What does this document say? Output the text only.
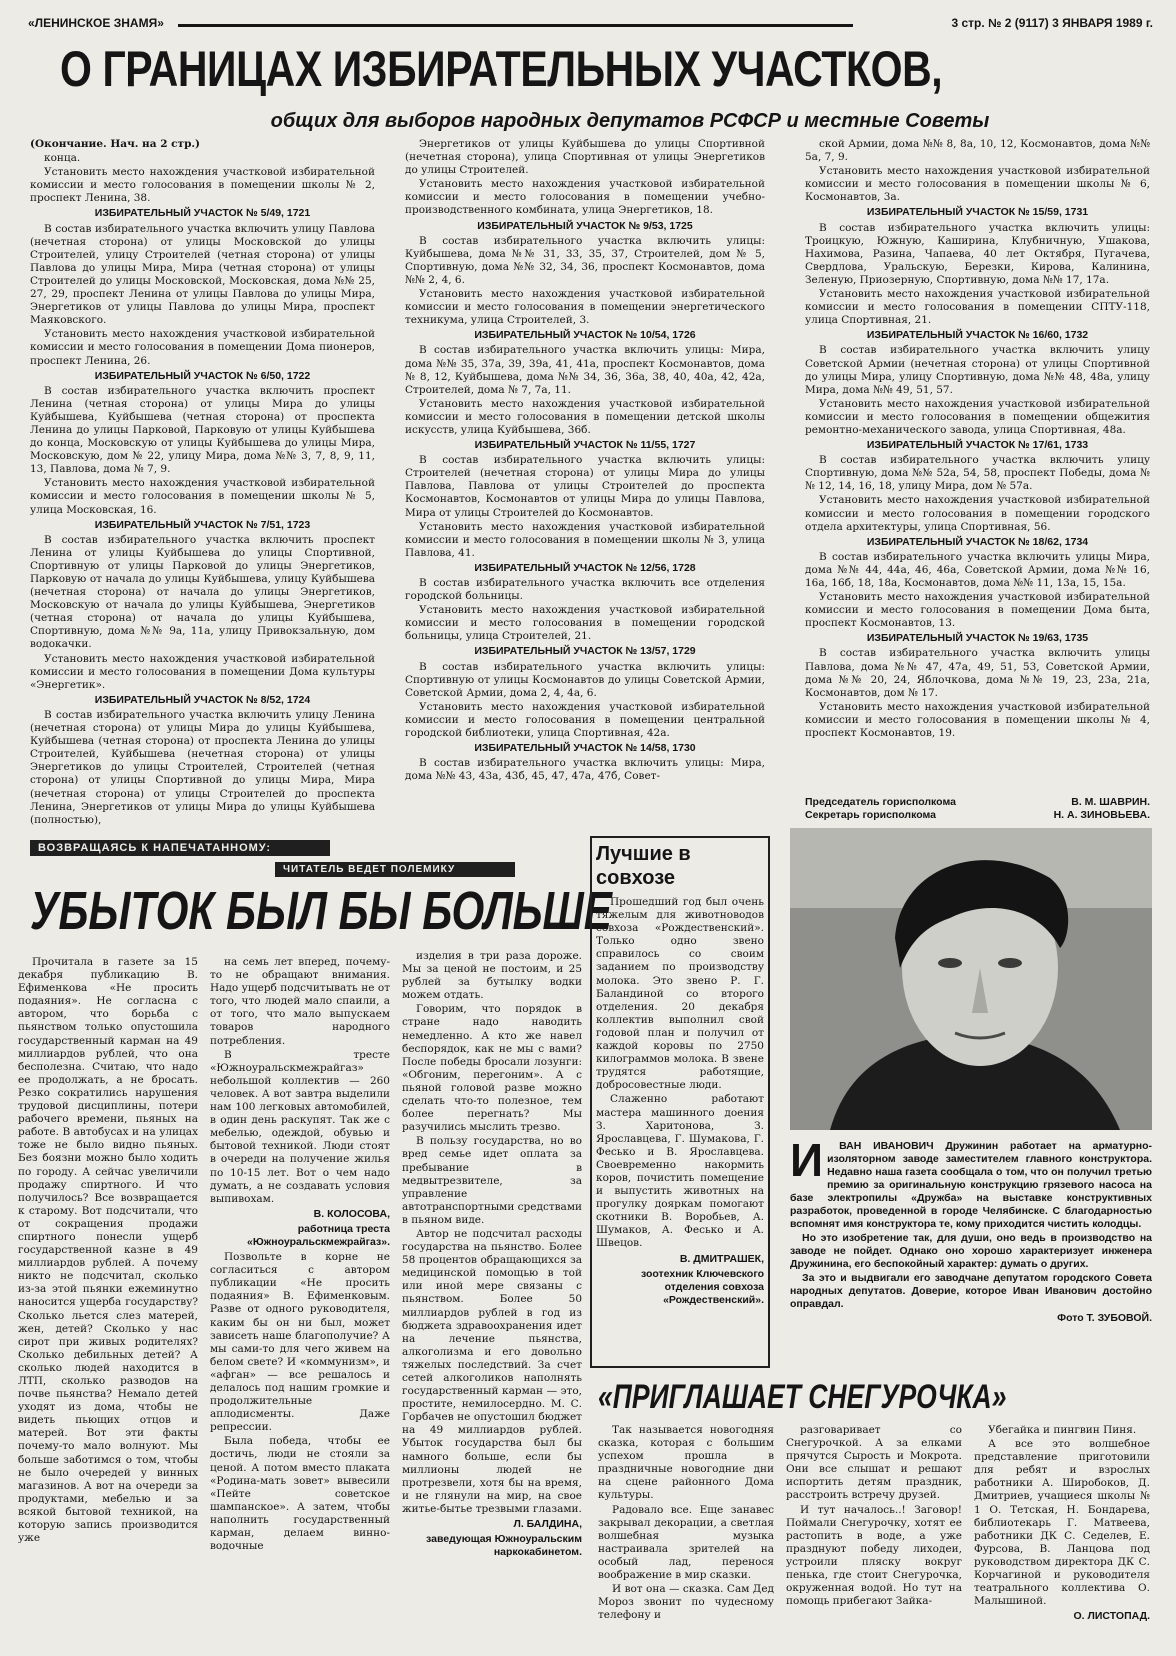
«ЛЕНИНСКОЕ ЗНАМЯ»	3 стр. № 2 (9117) 3 ЯНВАРЯ 1989 г.
О ГРАНИЦАХ ИЗБИРАТЕЛЬНЫХ УЧАСТКОВ,
общих для выборов народных депутатов РСФСР и местные Советы

(Окончание. Нач. на 2 стр.)

конца.

Установить место нахождения участковой избирательной комиссии и место голосования в помещении школы № 2, проспект Ленина, 38.

ИЗБИРАТЕЛЬНЫЙ УЧАСТОК № 5/49, 1721

В состав избирательного участка включить улицу Павлова (нечетная сторона) от улицы Московской до улицы Строителей, улицу Строителей (четная сторона) от улицы Павлова до улицы Мира, Мира (четная сторона) от улицы Строителей до улицы Московской, Московская, дома №№ 25, 27, 29, проспект Ленина от улицы Павлова до улицы Мира, Энергетиков от улицы Павлова до улицы Мира, проспект Маяковского.

Установить место нахождения участковой избирательной комиссии и место голосования в помещении Дома пионеров, проспект Ленина, 26.

ИЗБИРАТЕЛЬНЫЙ УЧАСТОК № 6/50, 1722

В состав избирательного участка включить проспект Ленина (четная сторона) от улицы Мира до улицы Куйбышева, Куйбышева (четная сторона) от проспекта Ленина до улицы Парковой, Парковую от улицы Куйбышева до конца, Московскую от улицы Куйбышева до улицы Мира, Московскую, дом № 22, улицу Мира, дома №№ 3, 7, 8, 9, 11, 13, Павлова, дома № 7, 9.

Установить место нахождения участковой избирательной комиссии и место голосования в помещении школы № 5, улица Московская, 16.

ИЗБИРАТЕЛЬНЫЙ УЧАСТОК № 7/51, 1723

В состав избирательного участка включить проспект Ленина от улицы Куйбышева до улицы Спортивной, Спортивную от улицы Парковой до улицы Энергетиков, Парковую от начала до улицы Куйбышева, улицу Куйбышева (нечетная сторона) от начала до улицы Энергетиков, Московскую от начала до улицы Куйбышева, Энергетиков (четная сторона) от начала до улицы Куйбышева, Спортивную, дома №№ 9а, 11а, улицу Привокзальную, дом водокачки.

Установить место нахождения участковой избирательной комиссии и место голосования в помещении Дома культуры «Энергетик».

ИЗБИРАТЕЛЬНЫЙ УЧАСТОК № 8/52, 1724

В состав избирательного участка включить улицу Ленина (нечетная сторона) от улицы Мира до улицы Куйбышева, Куйбышева (четная сторона) от проспекта Ленина до улицы Строителей, Куйбышева (нечетная сторона) от улицы Энергетиков до улицы Строителей, Строителей (четная сторона) от улицы Спортивной до улицы Мира, Мира (нечетная сторона) от улицы Строителей до проспекта Ленина, Энергетиков от улицы Мира до улицы Куйбышева (полностью),

Энергетиков от улицы Куйбышева до улицы Спортивной (нечетная сторона), улица Спортивная от улицы Энергетиков до улицы Строителей.

Установить место нахождения участковой избирательной комиссии и место голосования в помещении учебно-производственного комбината, улица Энергетиков, 18.

ИЗБИРАТЕЛЬНЫЙ УЧАСТОК № 9/53, 1725

В состав избирательного участка включить улицы: Куйбышева, дома №№ 31, 33, 35, 37, Строителей, дом № 5, Спортивную, дома №№ 32, 34, 36, проспект Космонавтов, дома №№ 2, 4, 6.

Установить место нахождения участковой избирательной комиссии и место голосования в помещении энергетического техникума, улица Строителей, 3.

ИЗБИРАТЕЛЬНЫЙ УЧАСТОК № 10/54, 1726

В состав избирательного участка включить улицы: Мира, дома №№ 35, 37а, 39, 39а, 41, 41а, проспект Космонавтов, дома № 8, 12, Куйбышева, дома №№ 34, 36, 36а, 38, 40, 40а, 42, 42а, Строителей, дома № 7, 7а, 11.

Установить место нахождения участковой избирательной комиссии и место голосования в помещении детской школы искусств, улица Куйбышева, 36б.

ИЗБИРАТЕЛЬНЫЙ УЧАСТОК № 11/55, 1727

В состав избирательного участка включить улицы: Строителей (нечетная сторона) от улицы Мира до улицы Павлова, Павлова от улицы Строителей до проспекта Космонавтов, Космонавтов от улицы Мира до улицы Павлова, Мира от улицы Строителей до Космонавтов.

Установить место нахождения участковой избирательной комиссии и место голосования в помещении школы № 3, улица Павлова, 41.

ИЗБИРАТЕЛЬНЫЙ УЧАСТОК № 12/56, 1728

В состав избирательного участка включить все отделения городской больницы.

Установить место нахождения участковой избирательной комиссии и место голосования в помещении городской больницы, улица Строителей, 21.

ИЗБИРАТЕЛЬНЫЙ УЧАСТОК № 13/57, 1729

В состав избирательного участка включить улицы: Спортивную от улицы Космонавтов до улицы Советской Армии, Советской Армии, дома 2, 4, 4а, 6.

Установить место нахождения участковой избирательной комиссии и место голосования в помещении центральной городской библиотеки, улица Спортивная, 42а.

ИЗБИРАТЕЛЬНЫЙ УЧАСТОК № 14/58, 1730

В состав избирательного участка включить улицы: Мира, дома №№ 43, 43а, 43б, 45, 47, 47а, 47б, Совет-

ской Армии, дома №№ 8, 8а, 10, 12, Космонавтов, дома №№ 5а, 7, 9.

Установить место нахождения участковой избирательной комиссии и место голосования в помещении школы № 6, Космонавтов, 3а.

ИЗБИРАТЕЛЬНЫЙ УЧАСТОК № 15/59, 1731

В состав избирательного участка включить улицы: Троицкую, Южную, Каширина, Клубничную, Ушакова, Нахимова, Разина, Чапаева, 40 лет Октября, Пугачева, Свердлова, Уральскую, Березки, Кирова, Калинина, Зеленую, Приозерную, Спортивную, дома №№ 17, 17а.

Установить место нахождения участковой избирательной комиссии и место голосования в помещении СПТУ-118, улица Спортивная, 21.

ИЗБИРАТЕЛЬНЫЙ УЧАСТОК № 16/60, 1732

В состав избирательного участка включить улицу Советской Армии (нечетная сторона) от улицы Спортивной до улицы Мира, улицу Спортивную, дома №№ 48, 48а, улицу Мира, дома №№ 49, 51, 57.

Установить место нахождения участковой избирательной комиссии и место голосования в помещении общежития ремонтно-механического завода, улица Спортивная, 48а.

ИЗБИРАТЕЛЬНЫЙ УЧАСТОК № 17/61, 1733

В состав избирательного участка включить улицу Спортивную, дома №№ 52а, 54, 58, проспект Победы, дома №№ 12, 14, 16, 18, улицу Мира, дом № 57а.

Установить место нахождения участковой избирательной комиссии и место голосования в помещении городского отдела архитектуры, улица Спортивная, 56.

ИЗБИРАТЕЛЬНЫЙ УЧАСТОК № 18/62, 1734

В состав избирательного участка включить улицы Мира, дома №№ 44, 44а, 46, 46а, Советской Армии, дома №№ 16, 16а, 16б, 18, 18а, Космонавтов, дома №№ 11, 13а, 15, 15а.

Установить место нахождения участковой избирательной комиссии и место голосования в помещении Дома быта, проспект Космонавтов, 13.

ИЗБИРАТЕЛЬНЫЙ УЧАСТОК № 19/63, 1735

В состав избирательного участка включить улицы Павлова, дома №№ 47, 47а, 49, 51, 53, Советской Армии, дома №№ 20, 24, Яблочкова, дома №№ 19, 23, 23а, 21а, Космонавтов, дом № 17.

Установить место нахождения участковой избирательной комиссии и место голосования в помещении школы № 4, проспект Космонавтов, 19.

Председатель горисполкома	В. М. ШАВРИН.
Секретарь горисполкома	Н. А. ЗИНОВЬЕВА.
ВОЗВРАЩАЯСЬ К НАПЕЧАТАННОМУ:
ЧИТАТЕЛЬ ВЕДЕТ ПОЛЕМИКУ
УБЫТОК БЫЛ БЫ БОЛЬШЕ

Прочитала в газете за 15 декабря публикацию В. Ефименкова «Не просить подаяния». Не согласна с автором, что борьба с пьянством только опустошила государственный карман на 49 миллиардов рублей, что она бесполезна. Считаю, что надо ее продолжать, а не бросать. Резко сократились нарушения трудовой дисциплины, потери рабочего времени, пьяных на работе. В автобусах и на улицах тоже не было видно пьяных. Без боязни можно было ходить по городу. А сейчас увеличили продажу спиртного. И что получилось? Все возвращается к старому. Вот подсчитали, что от сокращения продажи спиртного понесли ущерб государственной казне в 49 миллиардов рублей. А почему никто не подсчитал, сколько из-за этой пьянки ежеминутно наносится ущерба государству? Сколько льется слез матерей, жен, детей? Сколько у нас сирот при живых родителях? Сколько дебильных детей? А сколько людей находится в ЛТП, сколько разводов на почве пьянства? Немало детей уходят из дома, чтобы не видеть пьющих отцов и матерей. Вот эти факты почему-то мало волнуют. Мы больше заботимся о том, чтобы не было очередей у винных магазинов. А вот на очереди за продуктами, мебелью и за всякой бытовой техникой, на которую запись производится уже

на семь лет вперед, почему-то не обращают внимания. Надо ущерб подсчитывать не от того, что людей мало спаили, а от того, что мало выпускаем товаров народного потребления.

В тресте «Южноуральскмежрайгаз» небольшой коллектив — 260 человек. А вот завтра выделили нам 100 легковых автомобилей, в один день раскупят. Так же с мебелью, одеждой, обувью и бытовой техникой. Люди стоят в очереди на получение жилья по 10-15 лет. Вот о чем надо думать, а не создавать условия выпивохам.

В. КОЛОСОВА,

работница треста «Южноуральскмежрайгаз».

Позвольте в корне не согласиться с автором публикации «Не просить подаяния» В. Ефименковым. Разве от одного руководителя, каким бы он ни был, может зависеть наше благополучие? А мы сами-то для чего живем на белом свете? И «коммунизм», и «афган» — все решалось и делалось под нашим громкие и продолжительные аплодисменты. Даже репрессии.

Была победа, чтобы ее достичь, люди не стояли за ценой. А потом вместо плаката «Родина-мать зовет» вывесили «Пейте советское шампанское». А затем, чтобы наполнить государственный карман, делаем винно-водочные

изделия в три раза дороже. Мы за ценой не постоим, и 25 рублей за бутылку водки можем отдать.

Говорим, что порядок в стране надо наводить немедленно. А кто же навел беспорядок, как не мы с вами? После победы бросали лозунги: «Обгоним, перегоним». А с пьяной головой разве можно сделать что-то полезное, тем более перегнать? Мы разучились мыслить трезво.

В пользу государства, но во вред семье идет оплата за пребывание в медвытрезвителе, за управление автотранспортными средствами в пьяном виде.

Автор не подсчитал расходы государства на пьянство. Более 58 процентов обращающихся за медицинской помощью в той или иной мере связаны с пьянством. Более 50 миллиардов рублей в год из бюджета здравоохранения идет на лечение пьянства, алкоголизма и его довольно тяжелых последствий. За счет сетей алкоголиков наполнять государственный карман — это, простите, немилосердно. М. С. Горбачев не опустошил бюджет на 49 миллиардов рублей. Убыток государства был бы намного больше, если бы миллионы людей не протрезвели, хотя бы на время, и не глянули на мир, на свое житье-бытье трезвыми глазами.

Л. БАЛДИНА,

заведующая Южноуральским наркокабинетом.

Лучшие в совхозе

Прошедший год был очень тяжелым для животноводов совхоза «Рождественский». Только одно звено справилось со своим заданием по производству молока. Это звено Р. Г. Баландиной со второго отделения. 20 декабря коллектив выполнил свой годовой план и получил от каждой коровы по 2750 килограммов молока. В звене трудятся работящие, добросовестные люди.

Слаженно работают мастера машинного доения З. Харитонова, З. Ярославцева, Г. Шумакова, Г. Фесько и В. Ярославцева. Своевременно накормить коров, почистить помещение и выпустить животных на прогулку дояркам помогают скотники В. Воробьев, А. Шумаков, А. Фесько и А. Швецов.

В. ДМИТРАШЕК,

зоотехник Ключевского отделения совхоза «Рождественский».

И	ВАН ИВАНОВИЧ Дружинин работает на арматурно-изоляторном заводе заместителем главного конструктора. Недавно наша газета сообщала о том, что он получил третью премию за оригинальную конструкцию грязевого насоса на базе электропилы «Дружба» на выставке конструктивных разработок, проведенной в городе Челябинске. С благодарностью вспомнят имя конструктора те, кому приходится чистить колодцы.

Но это изобретение так, для души, оно ведь в производство на заводе не пойдет. Однако оно хорошо характеризует инженера Дружинина, его беспокойный характер: думать о других.

За это и выдвигали его заводчане депутатом городского Совета народных депутатов. Доверие, которое Иван Иванович достойно оправдал.

Фото Т. ЗУБОВОЙ.
«ПРИГЛАШАЕТ СНЕГУРОЧКА»

Так называется новогодняя сказка, которая с большим успехом прошла в праздничные новогодние дни на сцене районного Дома культуры.

Радовало все. Еще занавес закрывал декорации, а светлая волшебная музыка настраивала зрителей на особый лад, перенося воображение в мир сказки.

И вот она — сказка. Сам Дед Мороз звонит по чудесному телефону и

разговаривает со Снегурочкой. А за елками прячутся Сырость и Мокрота. Они все слышат и решают испортить детям праздник, расстроить встречу друзей.

И тут началось..! Заговор! Поймали Снегурочку, хотят ее растопить в воде, а уже празднуют победу лиходеи, устроили пляску вокруг пенька, где стоит Снегурочка, окруженная водой. Но тут на помощь прибегают Зайка-

Убегайка и пингвин Пиня.

А все это волшебное представление приготовили для ребят и взрослых работники А. Широбоков, Д. Дмитриев, учащиеся школы № 1 О. Тетская, Н. Бондарева, библиотекарь Г. Матвеева, работники ДК С. Седелев, Е. Фурсова, В. Ланцова под руководством директора ДК С. Корчагиной и руководителя театрального коллектива О. Малышиной.

О. ЛИСТОПАД.
